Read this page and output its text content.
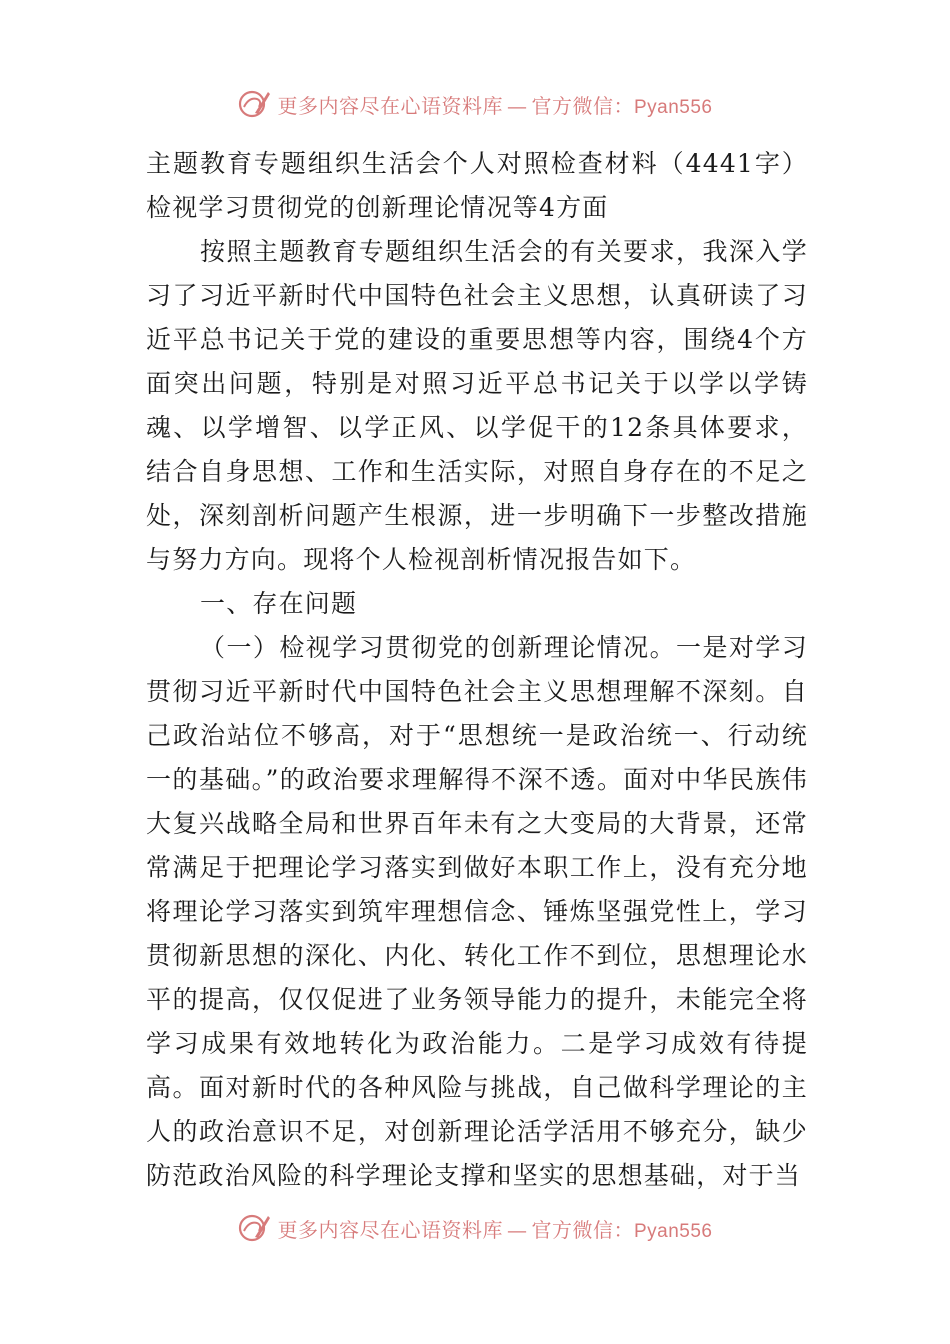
更多内容尽在心语资料库 — 官方微信：Pyan556

主题教育专题组织生活会个人对照检查材料（4441字）检视学习贯彻党的创新理论情况等4方面

按照主题教育专题组织生活会的有关要求，我深入学习了习近平新时代中国特色社会主义思想，认真研读了习近平总书记关于党的建设的重要思想等内容，围绕4个方面突出问题，特别是对照习近平总书记关于以学以学铸魂、以学增智、以学正风、以学促干的12条具体要求，结合自身思想、工作和生活实际，对照自身存在的不足之处，深刻剖析问题产生根源，进一步明确下一步整改措施与努力方向。现将个人检视剖析情况报告如下。

一、存在问题

（一）检视学习贯彻党的创新理论情况。一是对学习贯彻习近平新时代中国特色社会主义思想理解不深刻。自己政治站位不够高，对于“思想统一是政治统一、行动统一的基础。”的政治要求理解得不深不透。面对中华民族伟大复兴战略全局和世界百年未有之大变局的大背景，还常常满足于把理论学习落实到做好本职工作上，没有充分地将理论学习落实到筑牢理想信念、锤炼坚强党性上，学习贯彻新思想的深化、内化、转化工作不到位，思想理论水平的提高，仅仅促进了业务领导能力的提升，未能完全将学习成果有效地转化为政治能力。二是学习成效有待提高。面对新时代的各种风险与挑战，自己做科学理论的主人的政治意识不足，对创新理论活学活用不够充分，缺少防范政治风险的科学理论支撑和坚实的思想基础，对于当

更多内容尽在心语资料库 — 官方微信：Pyan556
